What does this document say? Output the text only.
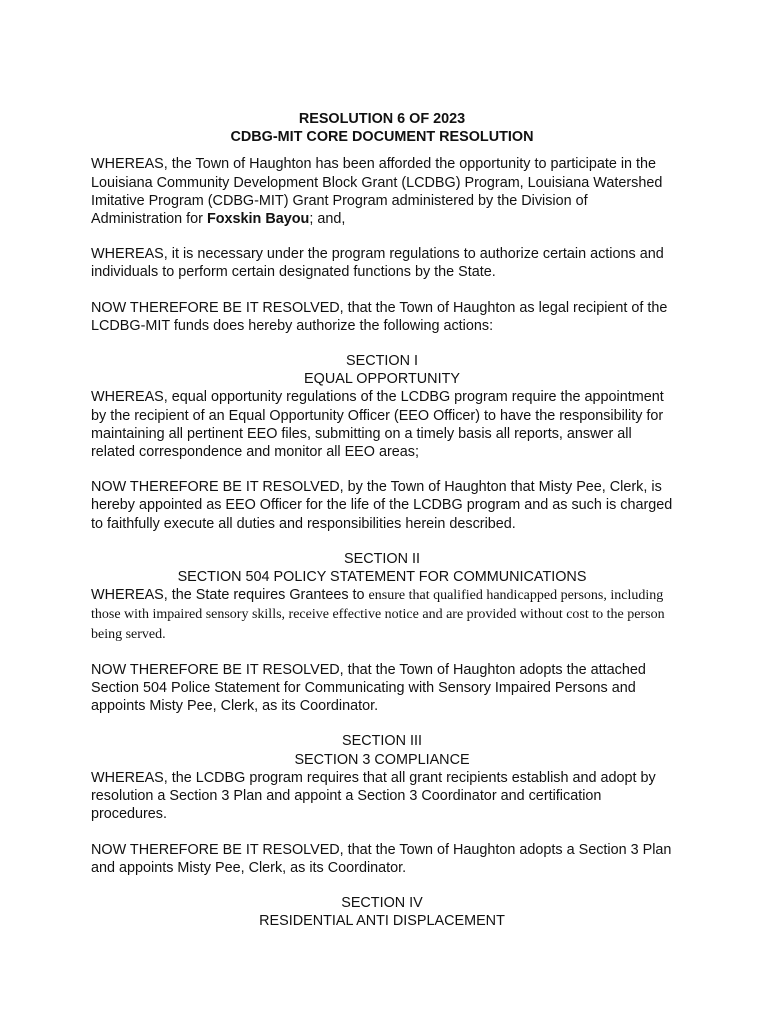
RESOLUTION 6 OF 2023
CDBG-MIT CORE DOCUMENT RESOLUTION

WHEREAS, the Town of Haughton has been afforded the opportunity to participate in the Louisiana Community Development Block Grant (LCDBG) Program, Louisiana Watershed Imitative Program (CDBG-MIT) Grant Program administered by the Division of Administration for Foxskin Bayou; and,

WHEREAS, it is necessary under the program regulations to authorize certain actions and individuals to perform certain designated functions by the State.

NOW THEREFORE BE IT RESOLVED, that the Town of Haughton as legal recipient of the LCDBG-MIT funds does hereby authorize the following actions:

SECTION I
EQUAL OPPORTUNITY

WHEREAS, equal opportunity regulations of the LCDBG program require the appointment by the recipient of an Equal Opportunity Officer (EEO Officer) to have the responsibility for maintaining all pertinent EEO files, submitting on a timely basis all reports, answer all related correspondence and monitor all EEO areas;

NOW THEREFORE BE IT RESOLVED, by the Town of Haughton that Misty Pee, Clerk, is hereby appointed as EEO Officer for the life of the LCDBG program and as such is charged to faithfully execute all duties and responsibilities herein described.

SECTION II
SECTION 504 POLICY STATEMENT FOR COMMUNICATIONS

WHEREAS, the State requires Grantees to ensure that qualified handicapped persons, including those with impaired sensory skills, receive effective notice and are provided without cost to the person being served.

NOW THEREFORE BE IT RESOLVED, that the Town of Haughton adopts the attached Section 504 Police Statement for Communicating with Sensory Impaired Persons and appoints Misty Pee, Clerk, as its Coordinator.

SECTION III
SECTION 3 COMPLIANCE

WHEREAS, the LCDBG program requires that all grant recipients establish and adopt by resolution a Section 3 Plan and appoint a Section 3 Coordinator and certification procedures.

NOW THEREFORE BE IT RESOLVED, that the Town of Haughton adopts a Section 3 Plan and appoints Misty Pee, Clerk, as its Coordinator.

SECTION IV
RESIDENTIAL ANTI DISPLACEMENT
